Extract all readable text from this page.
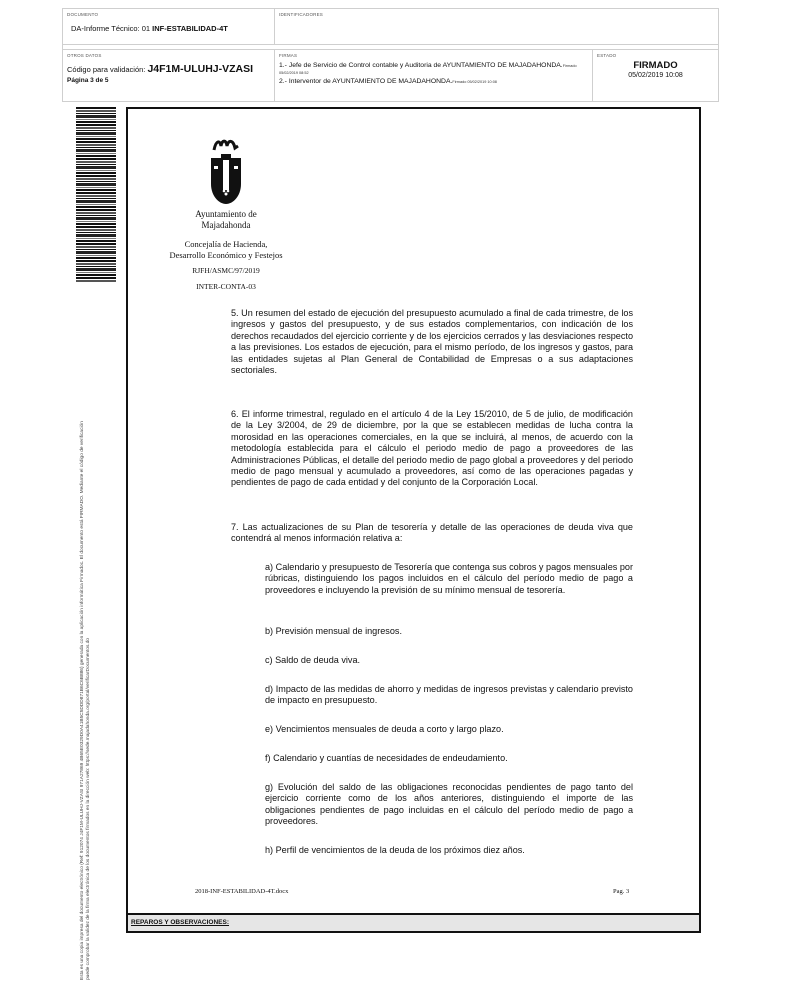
DOCUMENTO
DA-Informe Técnico: 01 INF-ESTABILIDAD-4T
IDENTIFICADORES
OTROS DATOS
Código para validación: J4F1M-ULUHJ-VZASI
Página 3 de 5
FIRMAS
1.- Jefe de Servicio de Control contable y Auditoria de AYUNTAMIENTO DE MAJADAHONDA.Firmado
05/02/2019 08:52
2.- Interventor de AYUNTAMIENTO DE MAJADAHONDA.Firmado 05/02/2019 10:08
ESTADO
FIRMADO
05/02/2019 10:08
Esta es una copia impresa del documento electrónico (Ref: 912074 J4F1M-ULUHJ-VZASI 971A27869 4B65E0329D0A41B5C5DDD871B6C6B886) generada con la aplicación informática Firmadoc. El documento está FIRMADO. Mediante el código de verificación puede comprobar la validez de la firma electrónica de los documentos firmados en la dirección web: https://sede.majadahonda.org/portal/verificarDocumentos.do
Ayuntamiento de
Majadahonda
Concejalía de Hacienda,
Desarrollo Económico y Festejos
RJFH/ASMC/97/2019
INTER-CONTA-03

5. Un resumen del estado de ejecución del presupuesto acumulado a final de cada trimestre, de los ingresos y gastos del presupuesto, y de sus estados complementarios, con indicación de los derechos recaudados del ejercicio corriente y de los ejercicios cerrados y las desviaciones respecto a las previsiones. Los estados de ejecución, para el mismo período, de los ingresos y gastos, para las entidades sujetas al Plan General de Contabilidad de Empresas o a sus adaptaciones sectoriales.

6. El informe trimestral, regulado en el artículo 4 de la Ley 15/2010, de 5 de julio, de modificación de la Ley 3/2004, de 29 de diciembre, por la que se establecen medidas de lucha contra la morosidad en las operaciones comerciales, en la que se incluirá, al menos, de acuerdo con la metodología establecida para el cálculo el periodo medio de pago a proveedores de las Administraciones Públicas, el detalle del periodo medio de pago global a proveedores y del periodo medio de pago mensual y acumulado a proveedores, así como de las operaciones pagadas y pendientes de pago de cada entidad y del conjunto de la Corporación Local.

7. Las actualizaciones de su Plan de tesorería y detalle de las operaciones de deuda viva que contendrá al menos información relativa a:

a) Calendario y presupuesto de Tesorería que contenga sus cobros y pagos mensuales por rúbricas, distinguiendo los pagos incluidos en el cálculo del período medio de pago a proveedores e incluyendo la previsión de su mínimo mensual de tesorería.

b) Previsión mensual de ingresos.

c) Saldo de deuda viva.

d) Impacto de las medidas de ahorro y medidas de ingresos previstas y calendario previsto de impacto en presupuesto.

e) Vencimientos mensuales de deuda a corto y largo plazo.

f) Calendario y cuantías de necesidades de endeudamiento.

g) Evolución del saldo de las obligaciones reconocidas pendientes de pago tanto del ejercicio corriente como de los años anteriores, distinguiendo el importe de las obligaciones pendientes de pago incluidas en el cálculo del período medio de pago a proveedores.

h) Perfil de vencimientos de la deuda de los próximos diez años.

2018-INF-ESTABILIDAD-4T.docx	Pag. 3
REPAROS Y OBSERVACIONES:
